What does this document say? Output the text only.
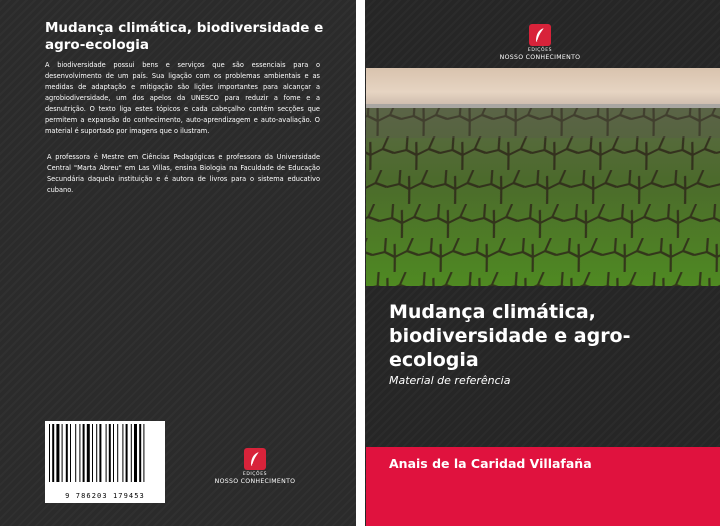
Mudança climática, biodiversidade e agro-ecologia
A biodiversidade possui bens e serviços que são essenciais para o desenvolvimento de um país. Sua ligação com os problemas ambientais e as medidas de adaptação e mitigação são lições importantes para alcançar a agrobiodiversidade, um dos apelos da UNESCO para reduzir a fome e a desnutrição. O texto liga estes tópicos e cada cabeçalho contém secções que permitem a expansão do conhecimento, auto-aprendizagem e auto-avaliação. O material é suportado por imagens que o ilustram.
A professora é Mestre em Ciências Pedagógicas e professora da Universidade Central "Marta Abreu" em Las Villas, ensina Biologia na Faculdade de Educação Secundária daquela instituição e é autora de livros para o sistema educativo cubano.
9 786203 179453
EDIÇÕES
NOSSO CONHECIMENTO
EDIÇÕES
NOSSO CONHECIMENTO
Mudança climática, biodiversidade e agro-ecologia
Material de referência
Anais de la Caridad Villafaña
